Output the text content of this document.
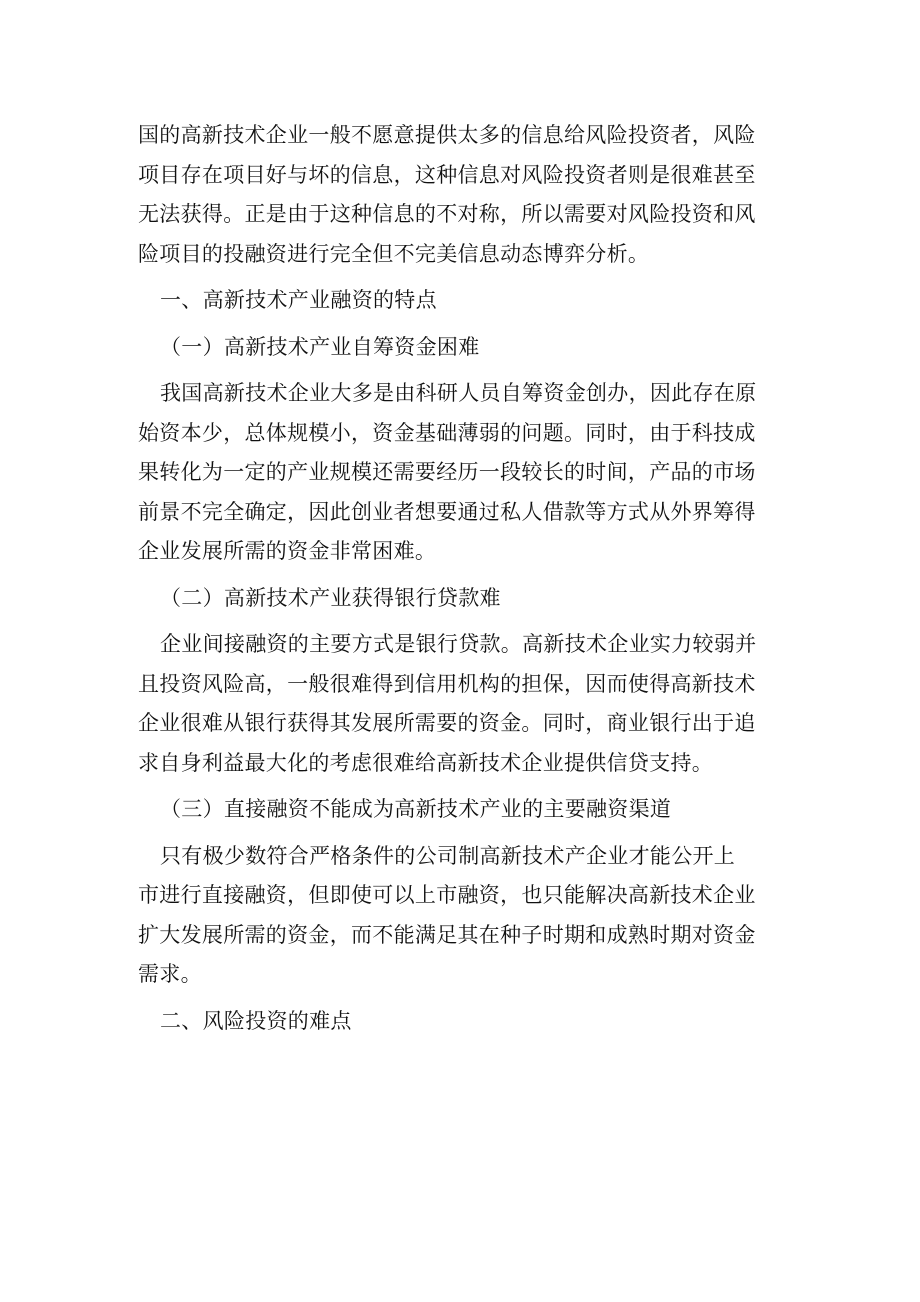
国的高新技术企业一般不愿意提供太多的信息给风险投资者，风险
项目存在项目好与坏的信息，这种信息对风险投资者则是很难甚至
无法获得。正是由于这种信息的不对称，所以需要对风险投资和风
险项目的投融资进行完全但不完美信息动态博弈分析。
一、高新技术产业融资的特点
（一）高新技术产业自筹资金困难
我国高新技术企业大多是由科研人员自筹资金创办，因此存在原
始资本少，总体规模小，资金基础薄弱的问题。同时，由于科技成
果转化为一定的产业规模还需要经历一段较长的时间，产品的市场
前景不完全确定，因此创业者想要通过私人借款等方式从外界筹得
企业发展所需的资金非常困难。
（二）高新技术产业获得银行贷款难
企业间接融资的主要方式是银行贷款。高新技术企业实力较弱并
且投资风险高，一般很难得到信用机构的担保，因而使得高新技术
企业很难从银行获得其发展所需要的资金。同时，商业银行出于追
求自身利益最大化的考虑很难给高新技术企业提供信贷支持。
（三）直接融资不能成为高新技术产业的主要融资渠道
只有极少数符合严格条件的公司制高新技术产企业才能公开上
市进行直接融资，但即使可以上市融资，也只能解决高新技术企业
扩大发展所需的资金，而不能满足其在种子时期和成熟时期对资金
需求。
二、风险投资的难点
